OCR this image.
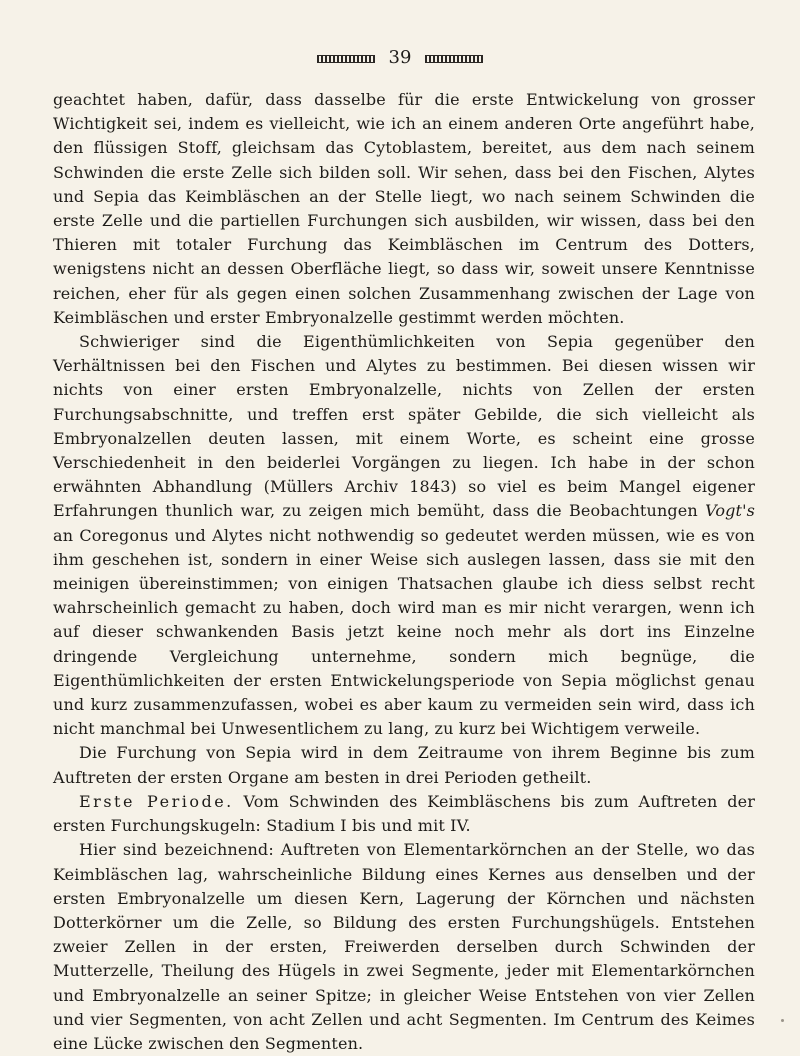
39

geachtet haben, dafür, dass dasselbe für die erste Entwickelung von grosser Wichtigkeit sei, indem es vielleicht, wie ich an einem anderen Orte angeführt habe, den flüssigen Stoff, gleichsam das Cytoblastem, bereitet, aus dem nach seinem Schwinden die erste Zelle sich bilden soll. Wir sehen, dass bei den Fischen, Alytes und Sepia das Keimbläschen an der Stelle liegt, wo nach seinem Schwinden die erste Zelle und die partiellen Furchungen sich ausbilden, wir wissen, dass bei den Thieren mit totaler Furchung das Keimbläschen im Centrum des Dotters, wenigstens nicht an dessen Oberfläche liegt, so dass wir, soweit unsere Kenntnisse reichen, eher für als gegen einen solchen Zusammenhang zwischen der Lage von Keimbläschen und erster Embryonalzelle gestimmt werden möchten.

Schwieriger sind die Eigenthümlichkeiten von Sepia gegenüber den Verhältnissen bei den Fischen und Alytes zu bestimmen. Bei diesen wissen wir nichts von einer ersten Embryonalzelle, nichts von Zellen der ersten Furchungsabschnitte, und treffen erst später Gebilde, die sich vielleicht als Embryonalzellen deuten lassen, mit einem Worte, es scheint eine grosse Verschiedenheit in den beiderlei Vorgängen zu liegen. Ich habe in der schon erwähnten Abhandlung (Müllers Archiv 1843) so viel es beim Mangel eigener Erfahrungen thunlich war, zu zeigen mich bemüht, dass die Beobachtungen Vogt's an Coregonus und Alytes nicht nothwendig so gedeutet werden müssen, wie es von ihm geschehen ist, sondern in einer Weise sich auslegen lassen, dass sie mit den meinigen übereinstimmen; von einigen Thatsachen glaube ich diess selbst recht wahrscheinlich gemacht zu haben, doch wird man es mir nicht verargen, wenn ich auf dieser schwankenden Basis jetzt keine noch mehr als dort ins Einzelne dringende Vergleichung unternehme, sondern mich begnüge, die Eigenthümlichkeiten der ersten Entwickelungsperiode von Sepia möglichst genau und kurz zusammenzufassen, wobei es aber kaum zu vermeiden sein wird, dass ich nicht manchmal bei Unwesentlichem zu lang, zu kurz bei Wichtigem verweile.

Die Furchung von Sepia wird in dem Zeitraume von ihrem Beginne bis zum Auftreten der ersten Organe am besten in drei Perioden getheilt.

Erste Periode. Vom Schwinden des Keimbläschens bis zum Auftreten der ersten Furchungskugeln: Stadium I bis und mit IV.

Hier sind bezeichnend: Auftreten von Elementarkörnchen an der Stelle, wo das Keimbläschen lag, wahrscheinliche Bildung eines Kernes aus denselben und der ersten Embryonalzelle um diesen Kern, Lagerung der Körnchen und nächsten Dotterkörner um die Zelle, so Bildung des ersten Furchungshügels. Entstehen zweier Zellen in der ersten, Freiwerden derselben durch Schwinden der Mutterzelle, Theilung des Hügels in zwei Segmente, jeder mit Elementarkörnchen und Embryonalzelle an seiner Spitze; in gleicher Weise Entstehen von vier Zellen und vier Segmenten, von acht Zellen und acht Segmenten. Im Centrum des Keimes eine Lücke zwischen den Segmenten.
